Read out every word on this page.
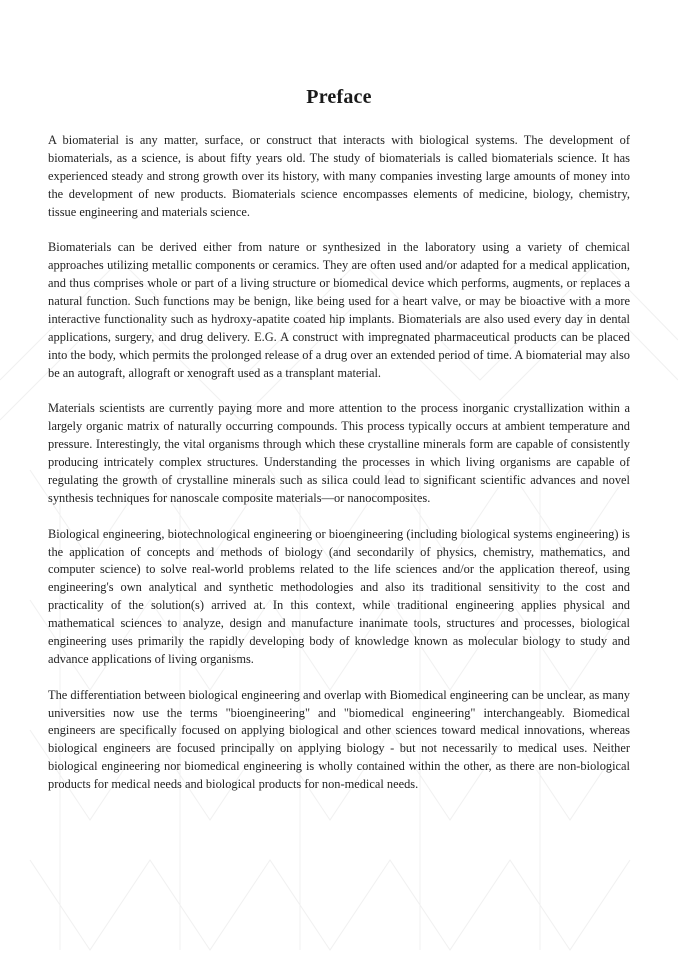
Preface

A biomaterial is any matter, surface, or construct that interacts with biological systems. The development of biomaterials, as a science, is about fifty years old. The study of biomaterials is called biomaterials science. It has experienced steady and strong growth over its history, with many companies investing large amounts of money into the development of new products. Biomaterials science encompasses elements of medicine, biology, chemistry, tissue engineering and materials science.

Biomaterials can be derived either from nature or synthesized in the laboratory using a variety of chemical approaches utilizing metallic components or ceramics. They are often used and/or adapted for a medical application, and thus comprises whole or part of a living structure or biomedical device which performs, augments, or replaces a natural function. Such functions may be benign, like being used for a heart valve, or may be bioactive with a more interactive functionality such as hydroxy-apatite coated hip implants. Biomaterials are also used every day in dental applications, surgery, and drug delivery. E.G. A construct with impregnated pharmaceutical products can be placed into the body, which permits the prolonged release of a drug over an extended period of time. A biomaterial may also be an autograft, allograft or xenograft used as a transplant material.

Materials scientists are currently paying more and more attention to the process inorganic crystallization within a largely organic matrix of naturally occurring compounds. This process typically occurs at ambient temperature and pressure. Interestingly, the vital organisms through which these crystalline minerals form are capable of consistently producing intricately complex structures. Understanding the processes in which living organisms are capable of regulating the growth of crystalline minerals such as silica could lead to significant scientific advances and novel synthesis techniques for nanoscale composite materials—or nanocomposites.

Biological engineering, biotechnological engineering or bioengineering (including biological systems engineering) is the application of concepts and methods of biology (and secondarily of physics, chemistry, mathematics, and computer science) to solve real-world problems related to the life sciences and/or the application thereof, using engineering's own analytical and synthetic methodologies and also its traditional sensitivity to the cost and practicality of the solution(s) arrived at. In this context, while traditional engineering applies physical and mathematical sciences to analyze, design and manufacture inanimate tools, structures and processes, biological engineering uses primarily the rapidly developing body of knowledge known as molecular biology to study and advance applications of living organisms.

The differentiation between biological engineering and overlap with Biomedical engineering can be unclear, as many universities now use the terms "bioengineering" and "biomedical engineering" interchangeably. Biomedical engineers are specifically focused on applying biological and other sciences toward medical innovations, whereas biological engineers are focused principally on applying biology - but not necessarily to medical uses. Neither biological engineering nor biomedical engineering is wholly contained within the other, as there are non-biological products for medical needs and biological products for non-medical needs.
